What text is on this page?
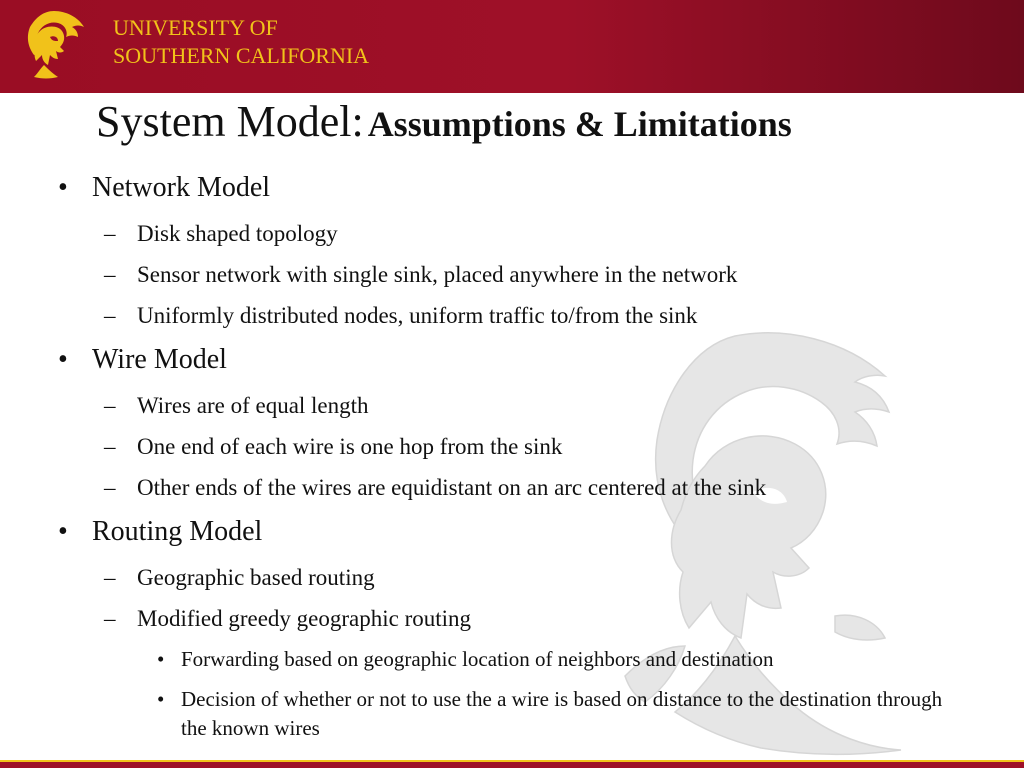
UNIVERSITY OF
SOUTHERN CALIFORNIA
System Model: Assumptions & Limitations
• Network Model
– Disk shaped topology
– Sensor network with single sink, placed anywhere in the network
– Uniformly distributed nodes, uniform traffic to/from the sink
• Wire Model
– Wires are of equal length
– One end of each wire is one hop from the sink
– Other ends of the wires are equidistant on an arc centered at the sink
• Routing Model
– Geographic based routing
– Modified greedy geographic routing
• Forwarding based on geographic location of neighbors and destination
• Decision of whether or not to use the a wire is based on distance to the destination through the known wires
